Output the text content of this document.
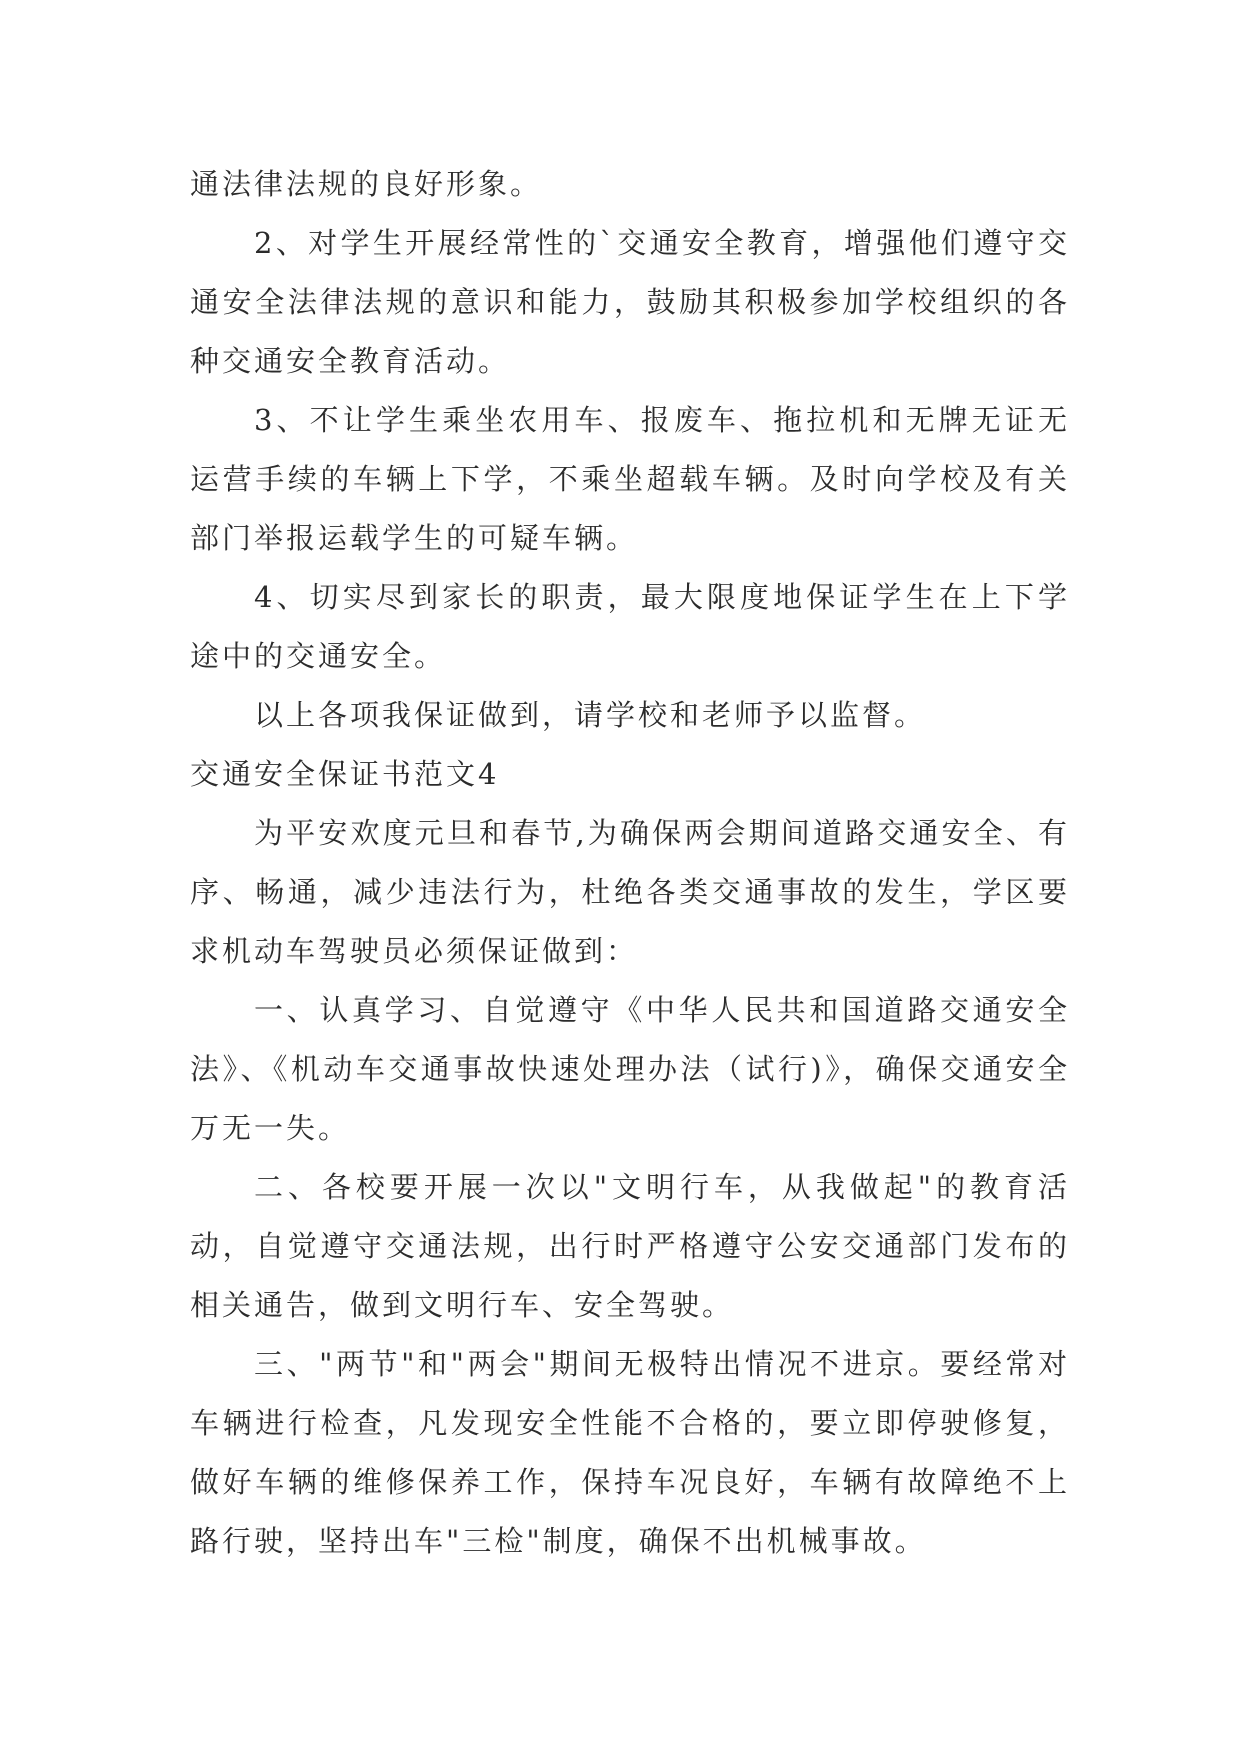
通法律法规的良好形象。

2、对学生开展经常性的`交通安全教育，增强他们遵守交通安全法律法规的意识和能力，鼓励其积极参加学校组织的各种交通安全教育活动。

3、不让学生乘坐农用车、报废车、拖拉机和无牌无证无运营手续的车辆上下学，不乘坐超载车辆。及时向学校及有关部门举报运载学生的可疑车辆。

4、切实尽到家长的职责，最大限度地保证学生在上下学途中的交通安全。

以上各项我保证做到，请学校和老师予以监督。

交通安全保证书范文4

为平安欢度元旦和春节,为确保两会期间道路交通安全、有序、畅通，减少违法行为，杜绝各类交通事故的发生，学区要求机动车驾驶员必须保证做到：

一、认真学习、自觉遵守《中华人民共和国道路交通安全法》、《机动车交通事故快速处理办法（试行)》，确保交通安全万无一失。

二、各校要开展一次以"文明行车，从我做起"的教育活动，自觉遵守交通法规，出行时严格遵守公安交通部门发布的相关通告，做到文明行车、安全驾驶。

三、"两节"和"两会"期间无极特出情况不进京。要经常对车辆进行检查，凡发现安全性能不合格的，要立即停驶修复，做好车辆的维修保养工作，保持车况良好，车辆有故障绝不上路行驶，坚持出车"三检"制度，确保不出机械事故。
